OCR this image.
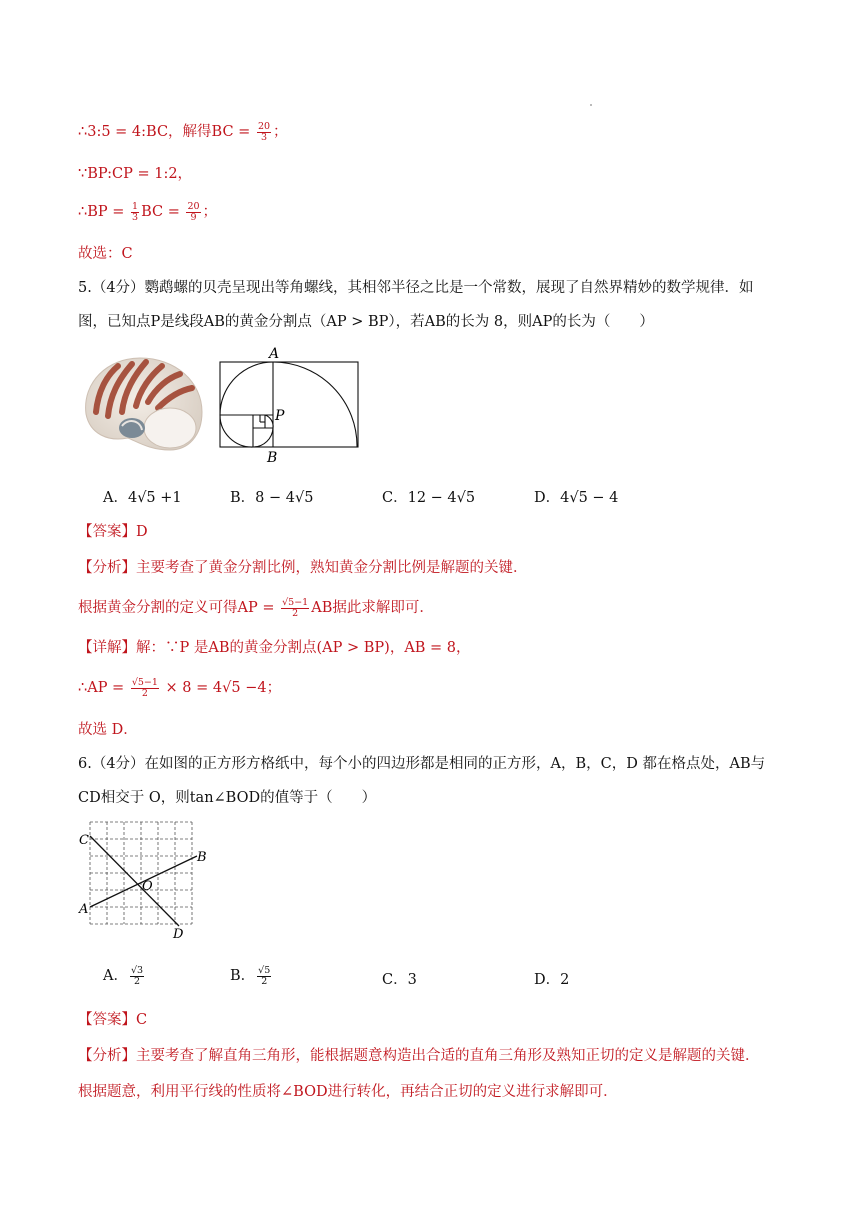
∴3:5 = 4:BC，解得BC = $\frac{20}{3}$ ；
∵BP:CP = 1:2，
∴BP = $\frac{1}{3}$ BC = $\frac{20}{9}$ ；
故选：C
5.（4分）鹦鹉螺的贝壳呈现出等角螺线，其相邻半径之比是一个常数，展现了自然界精妙的数学规律．如
图，已知点P是线段AB的黄金分割点（AP > BP），若AB的长为 8，则AP的长为（　　）
A
P
B
A．4√5 +1	B．8 − 4√5	C．12 − 4√5	D．4√5 − 4
【答案】D
【分析】主要考查了黄金分割比例，熟知黄金分割比例是解题的关键．
根据黄金分割的定义可得AP = $\frac{√5-1}{2}$ AB据此求解即可．
【详解】解：∵P 是AB的黄金分割点(AP > BP)，AB = 8，
∴AP = $\frac{√5-1}{2} \times 8 = 4√5 -4$；
故选 D．
6.（4分）在如图的正方形方格纸中，每个小的四边形都是相同的正方形，A，B，C，D 都在格点处，AB与
CD相交于 O，则tan∠BOD的值等于（　　）
C
B
O
A
D
A． $\frac{√3}{2}$	B． $\frac{√5}{2}$	C．3	D．2
【答案】C
【分析】主要考查了解直角三角形，能根据题意构造出合适的直角三角形及熟知正切的定义是解题的关键．
根据题意，利用平行线的性质将∠BOD进行转化，再结合正切的定义进行求解即可．
